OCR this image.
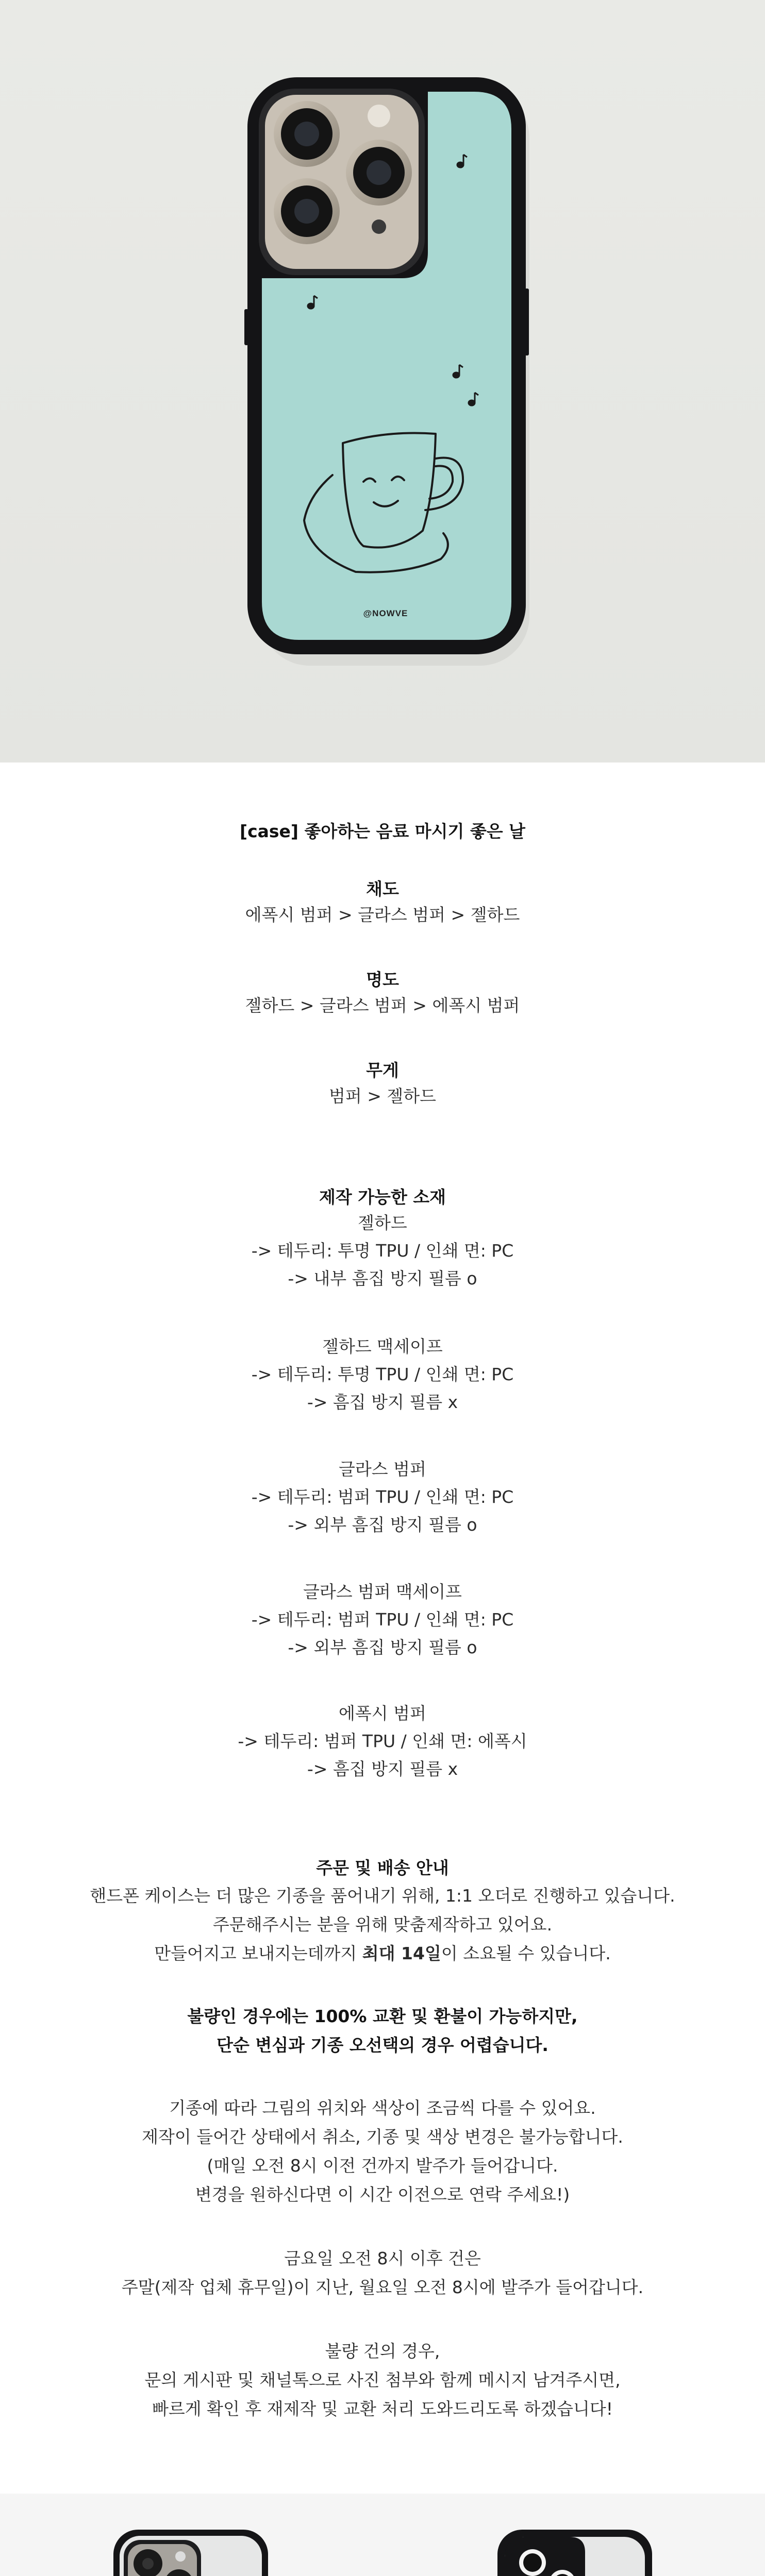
@NOWVE
[case] 좋아하는 음료 마시기 좋은 날
채도
에폭시 범퍼 > 글라스 범퍼 > 젤하드
명도
젤하드 > 글라스 범퍼 > 에폭시 범퍼
무게
범퍼 > 젤하드
제작 가능한 소재
젤하드
-> 테두리: 투명 TPU / 인쇄 면: PC
-> 내부 흠집 방지 필름 o
젤하드 맥세이프
-> 테두리: 투명 TPU / 인쇄 면: PC
-> 흠집 방지 필름 x
글라스 범퍼
-> 테두리: 범퍼 TPU / 인쇄 면: PC
-> 외부 흠집 방지 필름 o
글라스 범퍼 맥세이프
-> 테두리: 범퍼 TPU / 인쇄 면: PC
-> 외부 흠집 방지 필름 o
에폭시 범퍼
-> 테두리: 범퍼 TPU / 인쇄 면: 에폭시
-> 흠집 방지 필름 x
주문 및 배송 안내
핸드폰 케이스는 더 많은 기종을 품어내기 위해, 1:1 오더로 진행하고 있습니다.
주문해주시는 분을 위해 맞춤제작하고 있어요.
만들어지고 보내지는데까지 최대 14일이 소요될 수 있습니다.
불량인 경우에는 100% 교환 및 환불이 가능하지만,
단순 변심과 기종 오선택의 경우 어렵습니다.
기종에 따라 그림의 위치와 색상이 조금씩 다를 수 있어요.
제작이 들어간 상태에서 취소, 기종 및 색상 변경은 불가능합니다.
(매일 오전 8시 이전 건까지 발주가 들어갑니다.
변경을 원하신다면 이 시간 이전으로 연락 주세요!)
금요일 오전 8시 이후 건은
주말(제작 업체 휴무일)이 지난, 월요일 오전 8시에 발주가 들어갑니다.
불량 건의 경우,
문의 게시판 및 채널톡으로 사진 첨부와 함께 메시지 남겨주시면,
빠르게 확인 후 재제작 및 교환 처리 도와드리도록 하겠습니다!
